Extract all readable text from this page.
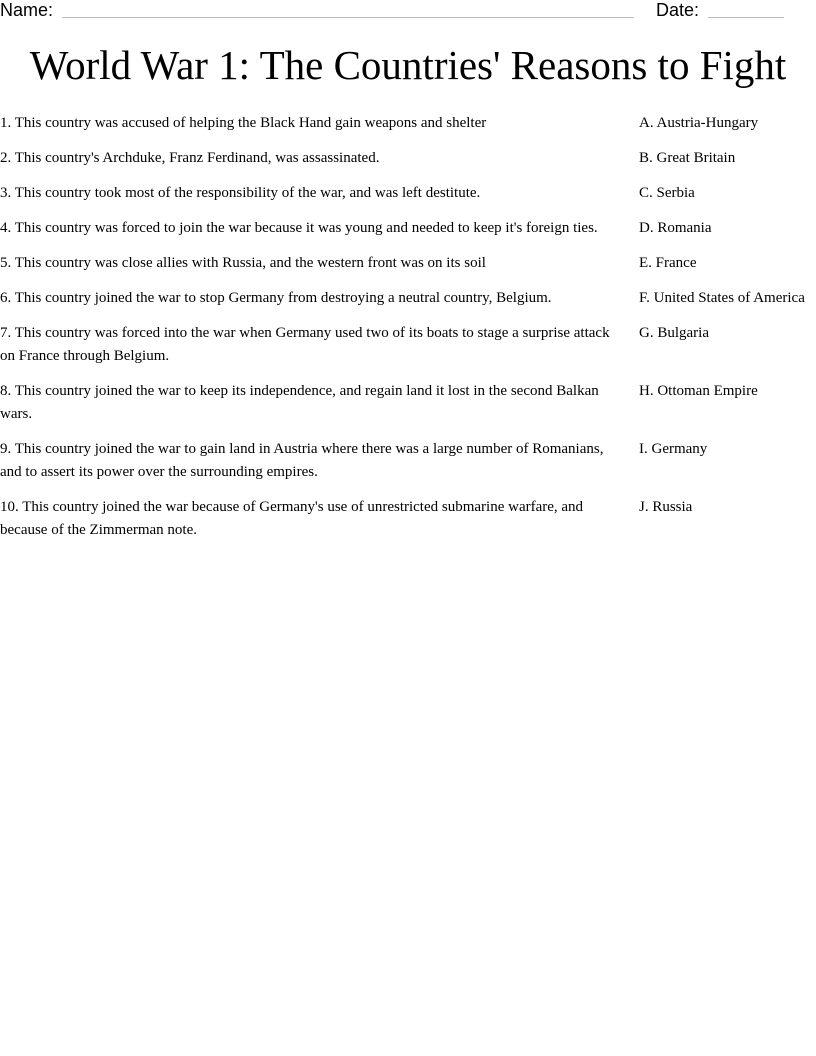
Name:	Date:
World War 1: The Countries' Reasons to Fight
1. This country was accused of helping the Black Hand gain weapons and shelter	A. Austria-Hungary
2. This country's Archduke, Franz Ferdinand, was assassinated.	B. Great Britain
3. This country took most of the responsibility of the war, and was left destitute.	C. Serbia
4. This country was forced to join the war because it was young and needed to keep it's foreign ties.	D. Romania
5. This country was close allies with Russia, and the western front was on its soil	E. France
6. This country joined the war to stop Germany from destroying a neutral country, Belgium.	F. United States of America
7. This country was forced into the war when Germany used two of its boats to stage a surprise attack on France through Belgium.
G. Bulgaria
8. This country joined the war to keep its independence, and regain land it lost in the second Balkan wars.
H. Ottoman Empire
9. This country joined the war to gain land in Austria where there was a large number of Romanians, and to assert its power over the surrounding empires.
I. Germany
10. This country joined the war because of Germany's use of unrestricted submarine warfare, and because of the Zimmerman note.
J. Russia
